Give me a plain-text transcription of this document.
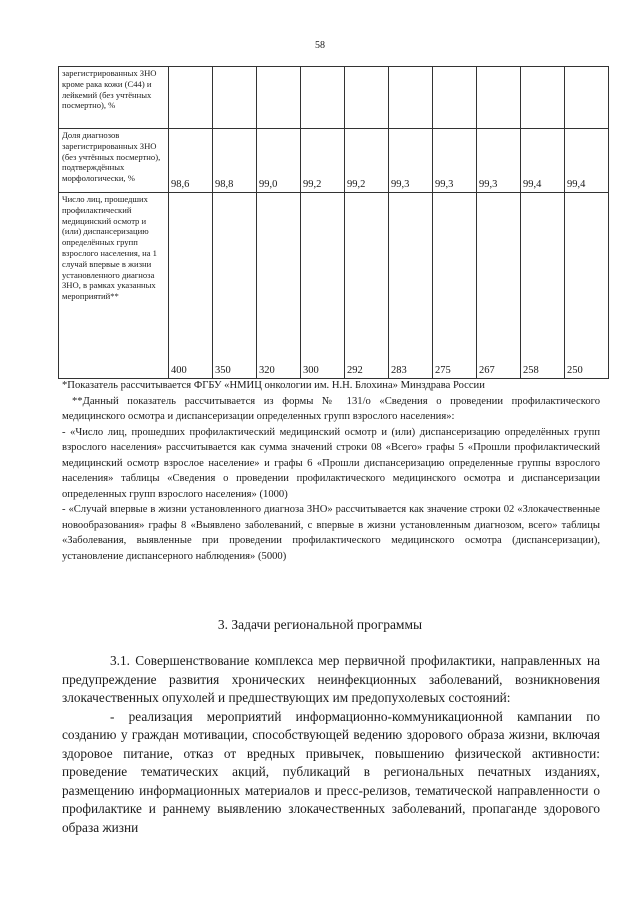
58
зарегистрированных ЗНО кроме рака кожи (С44) и лейкемий (без учтённых посмертно), %										
Доля диагнозов зарегистрированных ЗНО (без учтённых посмертно), подтверждённых морфологически, %	98,6	98,8	99,0	99,2	99,2	99,3	99,3	99,3	99,4	99,4
Число лиц, прошедших профилактический медицинский осмотр и (или) диспансеризацию определённых групп взрослого населения, на 1 случай впервые в жизни установленного диагноза ЗНО, в рамках указанных мероприятий**	400	350	320	300	292	283	275	267	258	250

*Показатель рассчитывается ФГБУ «НМИЦ онкологии им. Н.Н. Блохина» Минздрава России

**Данный показатель рассчитывается из формы № 131/о «Сведения о проведении профилактического медицинского осмотра и диспансеризации определенных групп взрослого населения»:

- «Число лиц, прошедших профилактический медицинский осмотр и (или) диспансеризацию определённых групп взрослого населения» рассчитывается как сумма значений строки 08 «Всего» графы 5 «Прошли профилактический медицинский осмотр взрослое население» и графы 6 «Прошли диспансеризацию определенные группы взрослого населения» таблицы «Сведения о проведении профилактического медицинского осмотра и диспансеризации определенных групп взрослого населения» (1000)

- «Случай впервые в жизни установленного диагноза ЗНО» рассчитывается как значение строки 02 «Злокачественные новообразования» графы 8 «Выявлено заболеваний, с впервые в жизни установленным диагнозом, всего» таблицы «Заболевания, выявленные при проведении профилактического медицинского осмотра (диспансеризации), установление диспансерного наблюдения» (5000)

3. Задачи региональной программы

3.1. Совершенствование комплекса мер первичной профилактики, направленных на предупреждение развития хронических неинфекционных заболеваний, возникновения злокачественных опухолей и предшествующих им предопухолевых состояний:

- реализация мероприятий информационно-коммуникационной кампании по созданию у граждан мотивации, способствующей ведению здорового образа жизни, включая здоровое питание, отказ от вредных привычек, повышению физической активности: проведение тематических акций, публикаций в региональных печатных изданиях, размещению информационных материалов и пресс-релизов, тематической направленности о профилактике и раннему выявлению злокачественных заболеваний, пропаганде здорового образа жизни
